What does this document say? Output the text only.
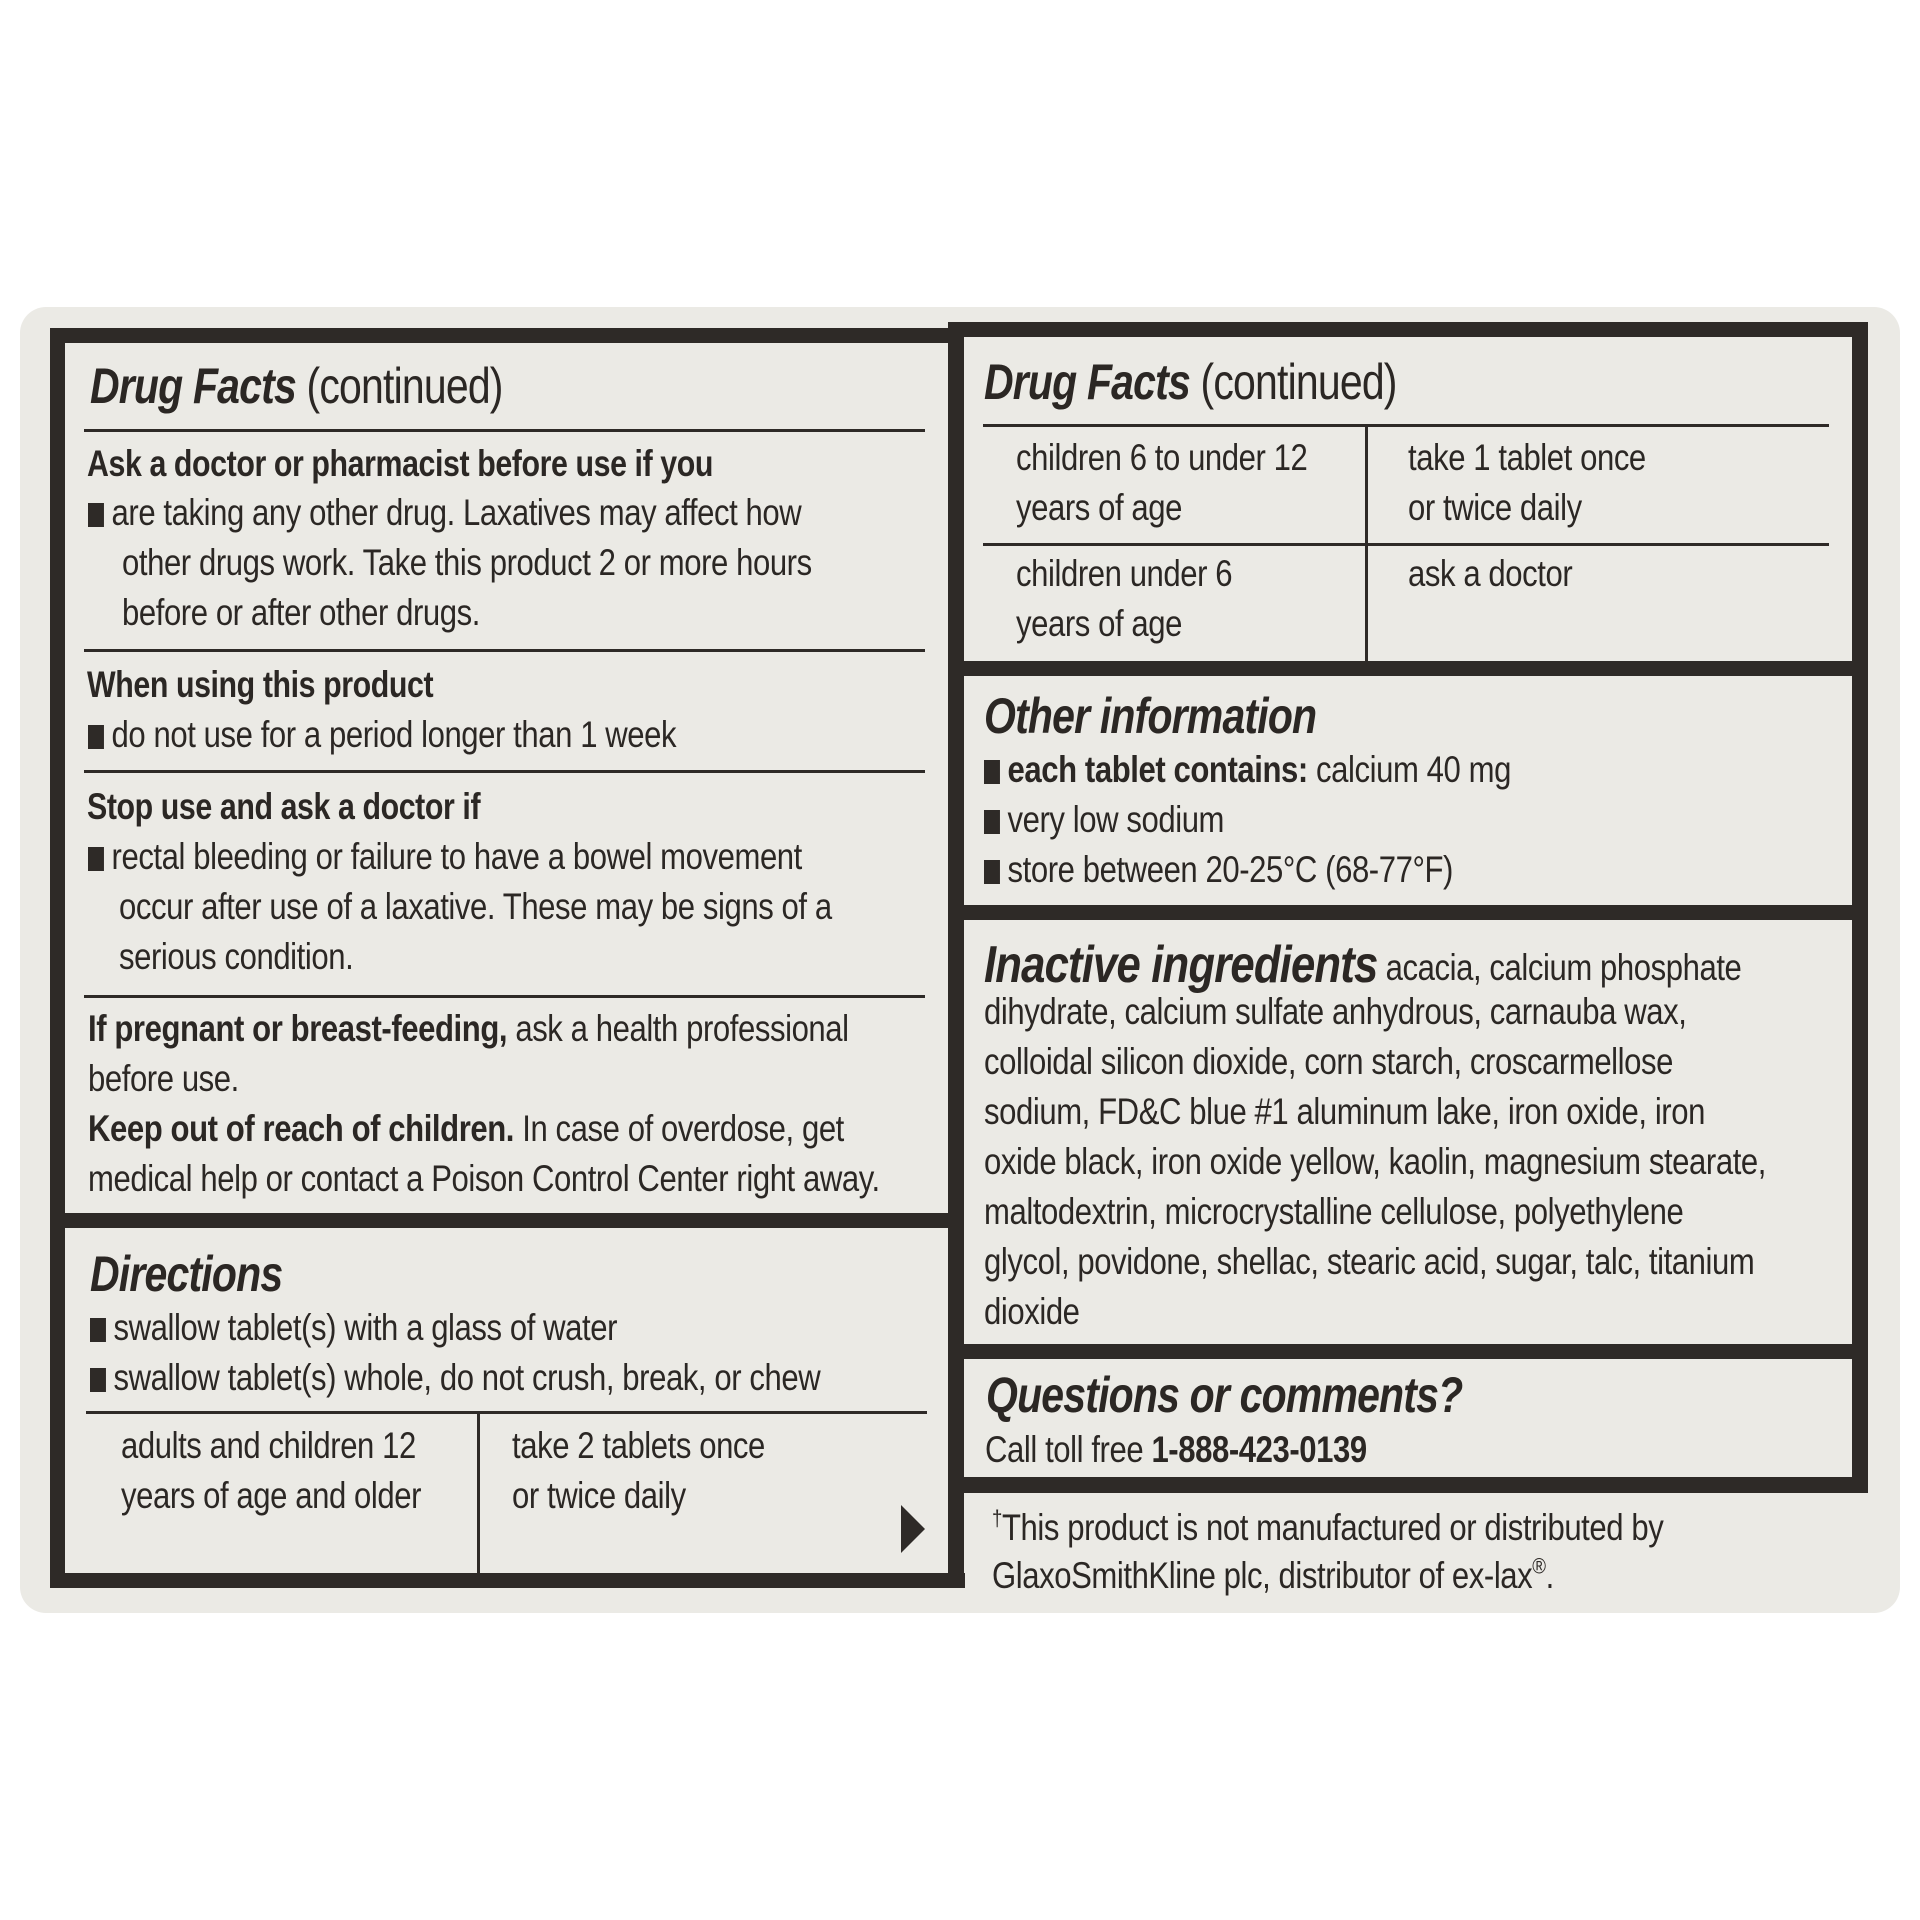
Drug Facts (continued)
Ask a doctor or pharmacist before use if you
are taking any other drug. Laxatives may affect how
other drugs work. Take this product 2 or more hours
before or after other drugs.
When using this product
do not use for a period longer than 1 week
Stop use and ask a doctor if
rectal bleeding or failure to have a bowel movement
occur after use of a laxative. These may be signs of a
serious condition.
If pregnant or breast-feeding, ask a health professional
before use.
Keep out of reach of children. In case of overdose, get
medical help or contact a Poison Control Center right away.
Directions
swallow tablet(s) with a glass of water
swallow tablet(s) whole, do not crush, break, or chew
adults and children 12
years of age and older
take 2 tablets once
or twice daily
Drug Facts (continued)
children 6 to under 12
years of age
take 1 tablet once
or twice daily
children under 6
years of age
ask a doctor
Other information
each tablet contains: calcium 40 mg
very low sodium
store between 20-25°C (68-77°F)
Inactive ingredients acacia, calcium phosphate
dihydrate, calcium sulfate anhydrous, carnauba wax,
colloidal silicon dioxide, corn starch, croscarmellose
sodium, FD&C blue #1 aluminum lake, iron oxide, iron
oxide black, iron oxide yellow, kaolin, magnesium stearate,
maltodextrin, microcrystalline cellulose, polyethylene
glycol, povidone, shellac, stearic acid, sugar, talc, titanium
dioxide
Questions or comments?
Call toll free 1-888-423-0139
†This product is not manufactured or distributed by
GlaxoSmithKline plc, distributor of ex-lax®.
